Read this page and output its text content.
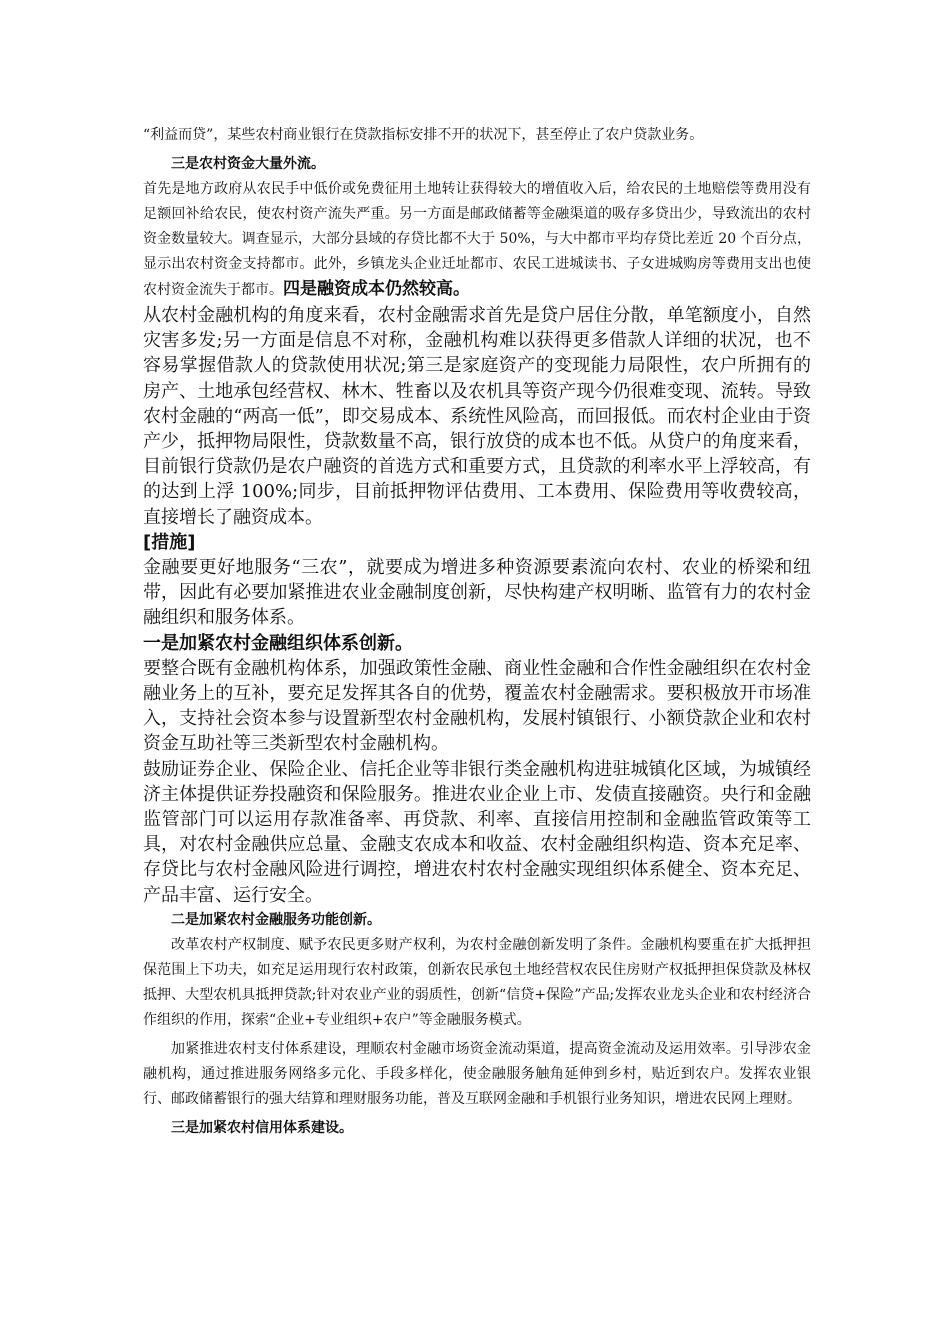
“利益而贷”，某些农村商业银行在贷款指标安排不开的状况下，甚至停止了农户贷款业务。

三是农村资金大量外流。

首先是地方政府从农民手中低价或免费征用土地转让获得较大的增值收入后，给农民的土地赔偿等费用没有足额回补给农民，使农村资产流失严重。另一方面是邮政储蓄等金融渠道的吸存多贷出少，导致流出的农村资金数量较大。调查显示，大部分县域的存贷比都不大于 50%，与大中都市平均存贷比差近 20 个百分点，显示出农村资金支持都市。此外，乡镇龙头企业迁址都市、农民工进城读书、子女进城购房等费用支出也使农村资金流失于都市。四是融资成本仍然较高。

从农村金融机构的角度来看，农村金融需求首先是贷户居住分散，单笔额度小，自然灾害多发;另一方面是信息不对称，金融机构难以获得更多借款人详细的状况，也不容易掌握借款人的贷款使用状况;第三是家庭资产的变现能力局限性，农户所拥有的房产、土地承包经营权、林木、牲畜以及农机具等资产现今仍很难变现、流转。导致农村金融的“两高一低”，即交易成本、系统性风险高，而回报低。而农村企业由于资产少，抵押物局限性，贷款数量不高，银行放贷的成本也不低。从贷户的角度来看，目前银行贷款仍是农户融资的首选方式和重要方式，且贷款的利率水平上浮较高，有的达到上浮 100%;同步，目前抵押物评估费用、工本费用、保险费用等收费较高，直接增长了融资成本。

[措施]

金融要更好地服务“三农”，就要成为增进多种资源要素流向农村、农业的桥梁和纽带，因此有必要加紧推进农业金融制度创新，尽快构建产权明晰、监管有力的农村金融组织和服务体系。

一是加紧农村金融组织体系创新。

要整合既有金融机构体系，加强政策性金融、商业性金融和合作性金融组织在农村金融业务上的互补，要充足发挥其各自的优势，覆盖农村金融需求。要积极放开市场准入，支持社会资本参与设置新型农村金融机构，发展村镇银行、小额贷款企业和农村资金互助社等三类新型农村金融机构。

鼓励证券企业、保险企业、信托企业等非银行类金融机构进驻城镇化区域，为城镇经济主体提供证券投融资和保险服务。推进农业企业上市、发债直接融资。央行和金融监管部门可以运用存款准备率、再贷款、利率、直接信用控制和金融监管政策等工具，对农村金融供应总量、金融支农成本和收益、农村金融组织构造、资本充足率、存贷比与农村金融风险进行调控，增进农村农村金融实现组织体系健全、资本充足、产品丰富、运行安全。

二是加紧农村金融服务功能创新。

改革农村产权制度、赋予农民更多财产权利，为农村金融创新发明了条件。金融机构要重在扩大抵押担保范围上下功夫，如充足运用现行农村政策，创新农民承包土地经营权农民住房财产权抵押担保贷款及林权抵押、大型农机具抵押贷款;针对农业产业的弱质性，创新“信贷+保险”产品;发挥农业龙头企业和农村经济合作组织的作用，探索“企业+专业组织+农户”等金融服务模式。

加紧推进农村支付体系建设，理顺农村金融市场资金流动渠道，提高资金流动及运用效率。引导涉农金融机构，通过推进服务网络多元化、手段多样化，使金融服务触角延伸到乡村，贴近到农户。发挥农业银行、邮政储蓄银行的强大结算和理财服务功能，普及互联网金融和手机银行业务知识，增进农民网上理财。

三是加紧农村信用体系建设。
